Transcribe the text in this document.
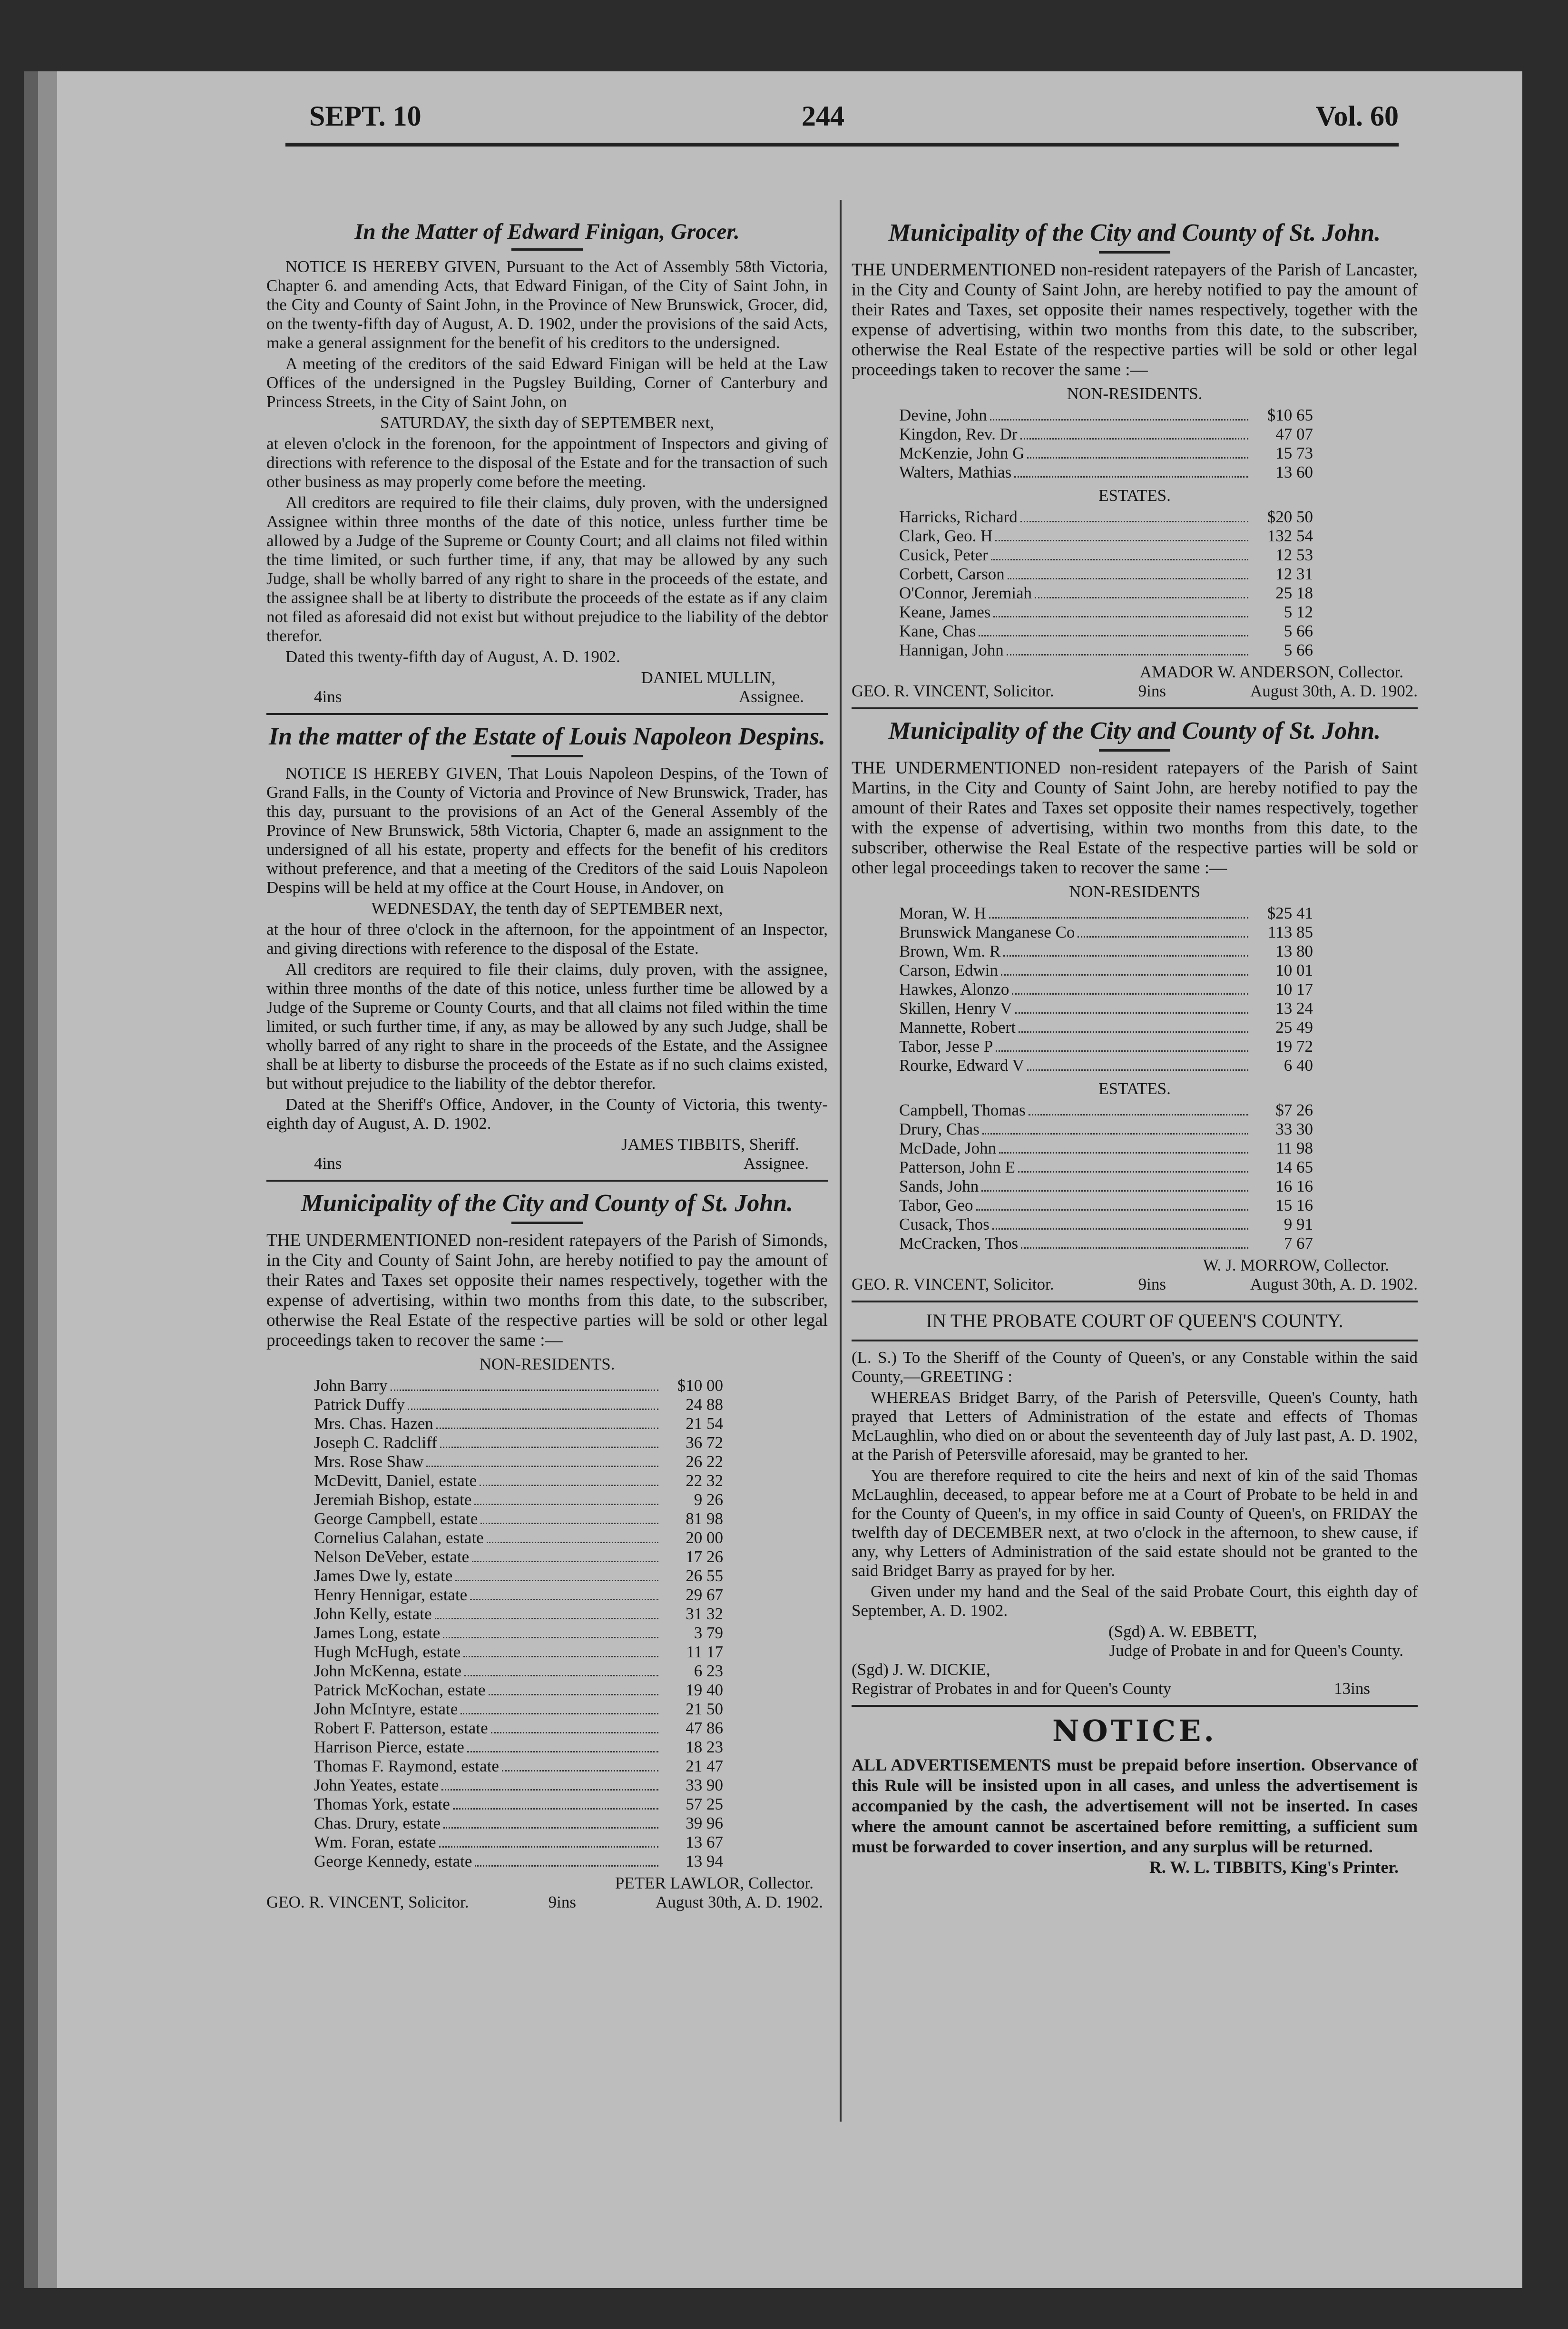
SEPT. 10	244	Vol. 60
In the Matter of Edward Finigan, Grocer.

NOTICE IS HEREBY GIVEN, Pursuant to the Act of Assembly 58th Victoria, Chapter 6. and amending Acts, that Edward Finigan, of the City of Saint John, in the City and County of Saint John, in the Province of New Brunswick, Grocer, did, on the twenty-fifth day of August, A. D. 1902, under the provisions of the said Acts, make a general assignment for the benefit of his creditors to the undersigned.

A meeting of the creditors of the said Edward Finigan will be held at the Law Offices of the undersigned in the Pugsley Building, Corner of Canterbury and Princess Streets, in the City of Saint John, on

SATURDAY, the sixth day of SEPTEMBER next,

at eleven o'clock in the forenoon, for the appointment of Inspectors and giving of directions with reference to the disposal of the Estate and for the transaction of such other business as may properly come before the meeting.

All creditors are required to file their claims, duly proven, with the undersigned Assignee within three months of the date of this notice, unless further time be allowed by a Judge of the Supreme or County Court; and all claims not filed within the time limited, or such further time, if any, that may be allowed by any such Judge, shall be wholly barred of any right to share in the proceeds of the estate, and the assignee shall be at liberty to distribute the proceeds of the estate as if any claim not filed as aforesaid did not exist but without prejudice to the liability of the debtor therefor.

Dated this twenty-fifth day of August, A. D. 1902.

DANIEL MULLIN,
4ins	Assignee.
In the matter of the Estate of Louis Napoleon Despins.

NOTICE IS HEREBY GIVEN, That Louis Napoleon Despins, of the Town of Grand Falls, in the County of Victoria and Province of New Brunswick, Trader, has this day, pursuant to the provisions of an Act of the General Assembly of the Province of New Brunswick, 58th Victoria, Chapter 6, made an assignment to the undersigned of all his estate, property and effects for the benefit of his creditors without preference, and that a meeting of the Creditors of the said Louis Napoleon Despins will be held at my office at the Court House, in Andover, on

WEDNESDAY, the tenth day of SEPTEMBER next,

at the hour of three o'clock in the afternoon, for the appointment of an Inspector, and giving directions with reference to the disposal of the Estate.

All creditors are required to file their claims, duly proven, with the assignee, within three months of the date of this notice, unless further time be allowed by a Judge of the Supreme or County Courts, and that all claims not filed within the time limited, or such further time, if any, as may be allowed by any such Judge, shall be wholly barred of any right to share in the proceeds of the Estate, and the Assignee shall be at liberty to disburse the proceeds of the Estate as if no such claims existed, but without prejudice to the liability of the debtor therefor.

Dated at the Sheriff's Office, Andover, in the County of Victoria, this twenty-eighth day of August, A. D. 1902.

JAMES TIBBITS, Sheriff.
4ins	Assignee.
Municipality of the City and County of St. John.

THE UNDERMENTIONED non-resident ratepayers of the Parish of Simonds, in the City and County of Saint John, are hereby notified to pay the amount of their Rates and Taxes set opposite their names respectively, together with the expense of advertising, within two months from this date, to the subscriber, otherwise the Real Estate of the respective parties will be sold or other legal proceedings taken to recover the same :—

NON-RESIDENTS.
John Barry	$10 00
Patrick Duffy	24 88
Mrs. Chas. Hazen	21 54
Joseph C. Radcliff	36 72
Mrs. Rose Shaw	26 22
McDevitt, Daniel, estate	22 32
Jeremiah Bishop, estate	9 26
George Campbell, estate	81 98
Cornelius Calahan, estate	20 00
Nelson DeVeber, estate	17 26
James Dwe ly, estate	26 55
Henry Hennigar, estate	29 67
John Kelly, estate	31 32
James Long, estate	3 79
Hugh McHugh, estate	11 17
John McKenna, estate	6 23
Patrick McKochan, estate	19 40
John McIntyre, estate	21 50
Robert F. Patterson, estate	47 86
Harrison Pierce, estate	18 23
Thomas F. Raymond, estate	21 47
John Yeates, estate	33 90
Thomas York, estate	57 25
Chas. Drury, estate	39 96
Wm. Foran, estate	13 67
George Kennedy, estate	13 94
PETER LAWLOR, Collector.
GEO. R. VINCENT, Solicitor.	9ins	August 30th, A. D. 1902.
Municipality of the City and County of St. John.

THE UNDERMENTIONED non-resident ratepayers of the Parish of Lancaster, in the City and County of Saint John, are hereby notified to pay the amount of their Rates and Taxes, set opposite their names respectively, together with the expense of advertising, within two months from this date, to the subscriber, otherwise the Real Estate of the respective parties will be sold or other legal proceedings taken to recover the same :—

NON-RESIDENTS.
Devine, John	$10 65
Kingdon, Rev. Dr	47 07
McKenzie, John G	15 73
Walters, Mathias	13 60
ESTATES.
Harricks, Richard	$20 50
Clark, Geo. H	132 54
Cusick, Peter	12 53
Corbett, Carson	12 31
O'Connor, Jeremiah	25 18
Keane, James	5 12
Kane, Chas	5 66
Hannigan, John	5 66
AMADOR W. ANDERSON, Collector.
GEO. R. VINCENT, Solicitor.	9ins	August 30th, A. D. 1902.
Municipality of the City and County of St. John.

THE UNDERMENTIONED non-resident ratepayers of the Parish of Saint Martins, in the City and County of Saint John, are hereby notified to pay the amount of their Rates and Taxes set opposite their names respectively, together with the expense of advertising, within two months from this date, to the subscriber, otherwise the Real Estate of the respective parties will be sold or other legal proceedings taken to recover the same :—

NON-RESIDENTS
Moran, W. H	$25 41
Brunswick Manganese Co	113 85
Brown, Wm. R	13 80
Carson, Edwin	10 01
Hawkes, Alonzo	10 17
Skillen, Henry V	13 24
Mannette, Robert	25 49
Tabor, Jesse P	19 72
Rourke, Edward V	6 40
ESTATES.
Campbell, Thomas	$7 26
Drury, Chas	33 30
McDade, John	11 98
Patterson, John E	14 65
Sands, John	16 16
Tabor, Geo	15 16
Cusack, Thos	9 91
McCracken, Thos	7 67
W. J. MORROW, Collector.
GEO. R. VINCENT, Solicitor.	9ins	August 30th, A. D. 1902.
IN THE PROBATE COURT OF QUEEN'S COUNTY.

(L. S.) To the Sheriff of the County of Queen's, or any Constable within the said County,—GREETING :

WHEREAS Bridget Barry, of the Parish of Petersville, Queen's County, hath prayed that Letters of Administration of the estate and effects of Thomas McLaughlin, who died on or about the seventeenth day of July last past, A. D. 1902, at the Parish of Petersville aforesaid, may be granted to her.

You are therefore required to cite the heirs and next of kin of the said Thomas McLaughlin, deceased, to appear before me at a Court of Probate to be held in and for the County of Queen's, in my office in said County of Queen's, on FRIDAY the twelfth day of DECEMBER next, at two o'clock in the afternoon, to shew cause, if any, why Letters of Administration of the said estate should not be granted to the said Bridget Barry as prayed for by her.

Given under my hand and the Seal of the said Probate Court, this eighth day of September, A. D. 1902.

(Sgd) A. W. EBBETT,
Judge of Probate in and for Queen's County.
(Sgd) J. W. DICKIE,
Registrar of Probates in and for Queen's County	13ins
NOTICE.
ALL ADVERTISEMENTS must be prepaid before insertion. Observance of this Rule will be insisted upon in all cases, and unless the advertisement is accompanied by the cash, the advertisement will not be inserted. In cases where the amount cannot be ascertained before remitting, a sufficient sum must be forwarded to cover insertion, and any surplus will be returned.
R. W. L. TIBBITS, King's Printer.
